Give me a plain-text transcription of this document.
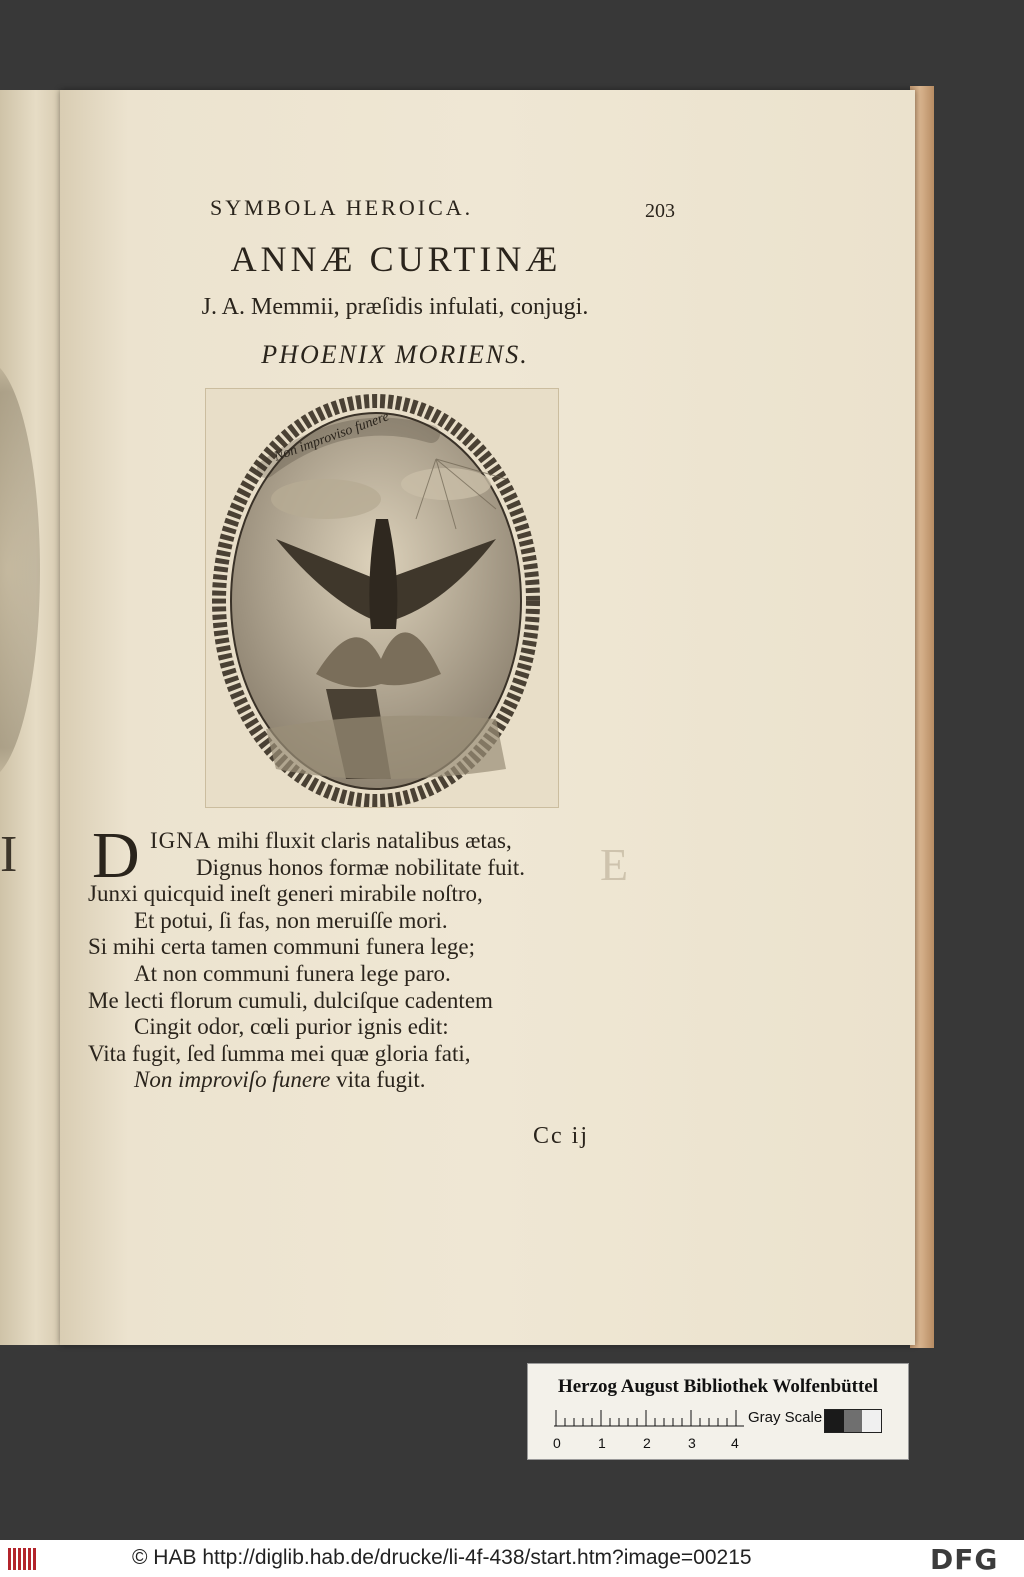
I	E
SYMBOLA HEROICA.	203
ANNÆ CURTINÆ
J. A. Memmii, præſidis infulati, conjugi.
PHOENIX MORIENS.
Non improviso funere
D IGNA mihi fluxit claris natalibus ætas,
Dignus honos formæ nobilitate fuit.
Junxi quicquid ineſt generi mirabile noſtro,
Et potui, ſi fas, non meruiſſe mori.
Si mihi certa tamen communi funera lege;
At non communi funera lege paro.
Me lecti florum cumuli, dulciſque cadentem
Cingit odor, cœli purior ignis edit:
Vita fugit, ſed ſumma mei quæ gloria fati,
Non improviſo funere vita fugit.
Cc ij
Herzog August Bibliothek Wolfenbüttel
Gray Scale
0	1	2	3	4
© HAB http://diglib.hab.de/drucke/li-4f-438/start.htm?image=00215	DFG
